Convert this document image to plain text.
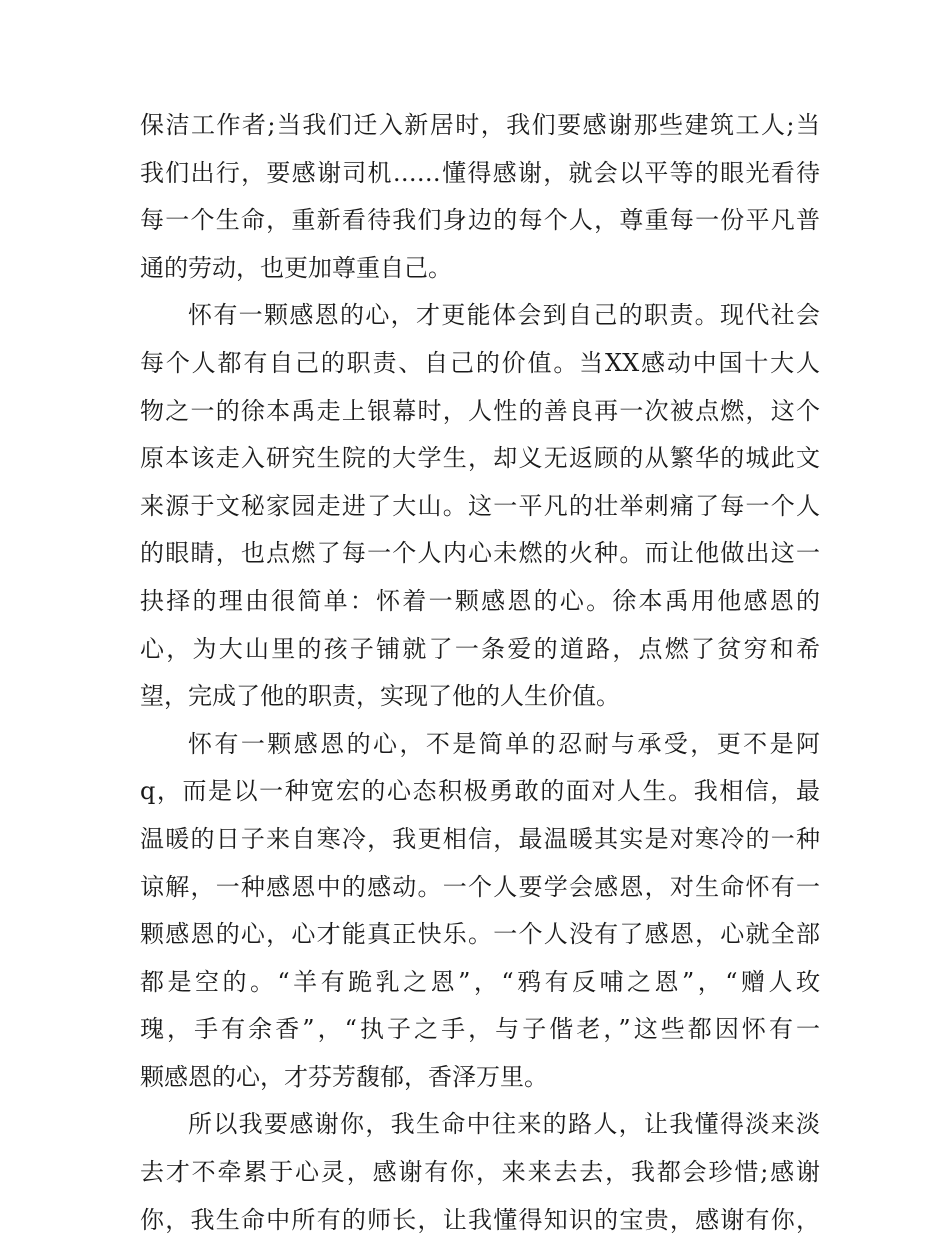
保洁工作者;当我们迁入新居时，我们要感谢那些建筑工人;当
我们出行，要感谢司机……懂得感谢，就会以平等的眼光看待
每一个生命，重新看待我们身边的每个人，尊重每一份平凡普
通的劳动，也更加尊重自己。
怀有一颗感恩的心，才更能体会到自己的职责。现代社会
每个人都有自己的职责、自己的价值。当XX感动中国十大人
物之一的徐本禹走上银幕时，人性的善良再一次被点燃，这个
原本该走入研究生院的大学生，却义无返顾的从繁华的城此文
来源于文秘家园走进了大山。这一平凡的壮举刺痛了每一个人
的眼睛，也点燃了每一个人内心未燃的火种。而让他做出这一
抉择的理由很简单：怀着一颗感恩的心。徐本禹用他感恩的
心，为大山里的孩子铺就了一条爱的道路，点燃了贫穷和希
望，完成了他的职责，实现了他的人生价值。
怀有一颗感恩的心，不是简单的忍耐与承受，更不是阿
q，而是以一种宽宏的心态积极勇敢的面对人生。我相信，最
温暖的日子来自寒冷，我更相信，最温暖其实是对寒冷的一种
谅解，一种感恩中的感动。一个人要学会感恩，对生命怀有一
颗感恩的心，心才能真正快乐。一个人没有了感恩，心就全部
都是空的。“羊有跪乳之恩”，“鸦有反哺之恩”，“赠人玫
瑰，手有余香”，“执子之手，与子偕老，”这些都因怀有一
颗感恩的心，才芬芳馥郁，香泽万里。
所以我要感谢你，我生命中往来的路人，让我懂得淡来淡
去才不牵累于心灵，感谢有你，来来去去，我都会珍惜;感谢
你，我生命中所有的师长，让我懂得知识的宝贵，感谢有你，
